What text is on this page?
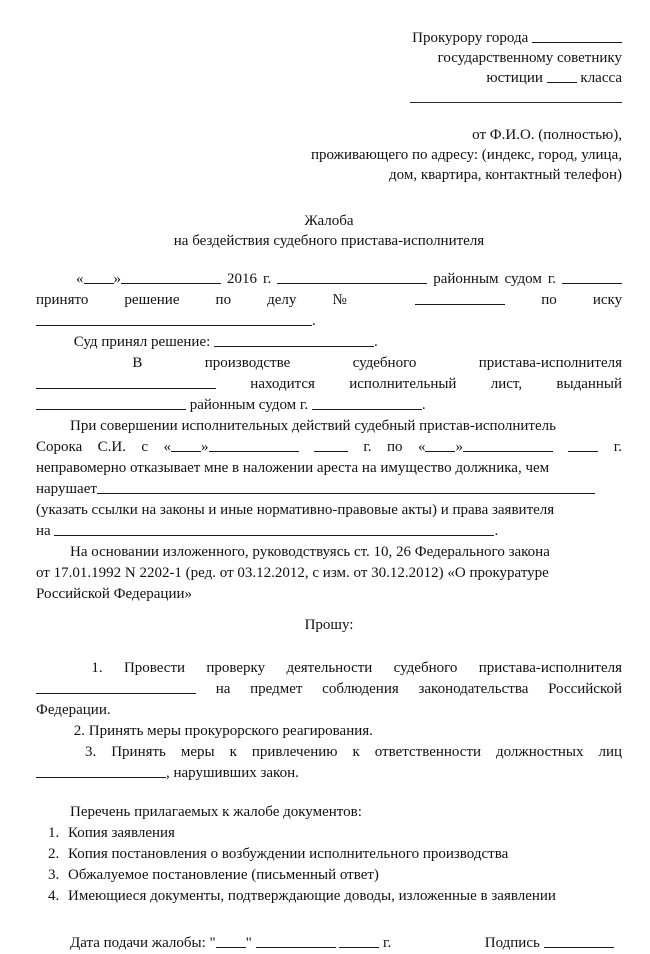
Прокурору города
государственному советнику
юстиции	класса
от Ф.И.О. (полностью),
проживающего по адресу: (индекс, город, улица,
дом, квартира, контактный телефон)
Жалоба
на бездействия судебного пристава-исполнителя
« »	2016 г.	районным судом г.
принято решение по делу №	по иску
.
Суд принял решение:	.
В	производстве	судебного	пристава-исполнителя
находится исполнительный лист, выданный
районным судом г.	.
При совершении исполнительных действий судебный пристав-исполнитель
Сорока С.И. с « »	г. по « »	г.
неправомерно отказывает мне в наложении ареста на имущество должника, чем
нарушает
(указать ссылки на законы и иные нормативно-правовые акты) и права заявителя
на	.
На основании изложенного, руководствуясь ст. 10, 26 Федерального закона
от 17.01.1992 N 2202-1 (ред. от 03.12.2012, с изм. от 30.12.2012) «О прокуратуре
Российской Федерации»
Прошу:
1. Провести проверку деятельности судебного пристава-исполнителя
на предмет соблюдения законодательства Российской
Федерации.
2. Принять меры прокурорского реагирования.
3. Принять меры к привлечению к ответственности должностных лиц
, нарушивших закон.
Перечень прилагаемых к жалобе документов:
1. Копия заявления
2. Копия постановления о возбуждении исполнительного производства
3. Обжалуемое постановление (письменный ответ)
4. Имеющиеся документы, подтверждающие доводы, изложенные в заявлении
Дата подачи жалобы: " "	г.	Подпись
